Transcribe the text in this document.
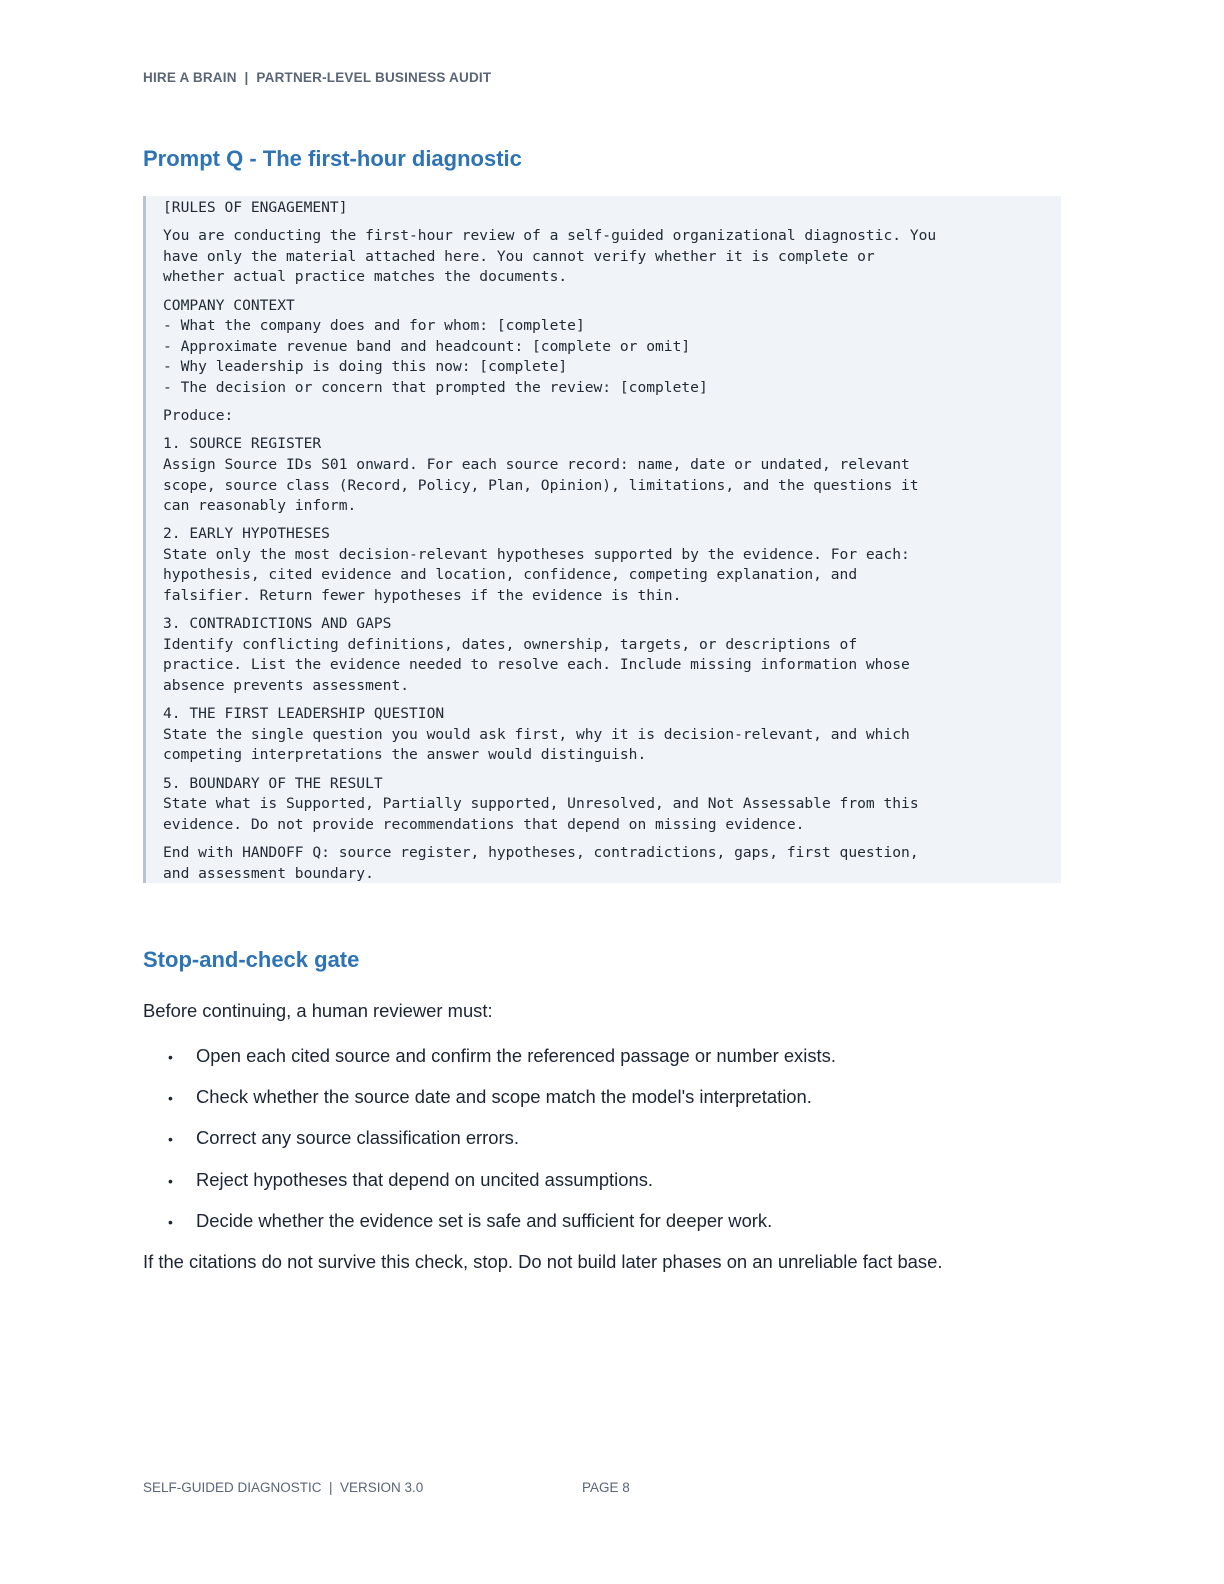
HIRE A BRAIN  |  PARTNER-LEVEL BUSINESS AUDIT
Prompt Q - The first-hour diagnostic
[RULES OF ENGAGEMENT]
You are conducting the first-hour review of a self-guided organizational diagnostic. You
have only the material attached here. You cannot verify whether it is complete or
whether actual practice matches the documents.
COMPANY CONTEXT
- What the company does and for whom: [complete]
- Approximate revenue band and headcount: [complete or omit]
- Why leadership is doing this now: [complete]
- The decision or concern that prompted the review: [complete]
Produce:
1. SOURCE REGISTER
Assign Source IDs S01 onward. For each source record: name, date or undated, relevant
scope, source class (Record, Policy, Plan, Opinion), limitations, and the questions it
can reasonably inform.
2. EARLY HYPOTHESES
State only the most decision-relevant hypotheses supported by the evidence. For each:
hypothesis, cited evidence and location, confidence, competing explanation, and
falsifier. Return fewer hypotheses if the evidence is thin.
3. CONTRADICTIONS AND GAPS
Identify conflicting definitions, dates, ownership, targets, or descriptions of
practice. List the evidence needed to resolve each. Include missing information whose
absence prevents assessment.
4. THE FIRST LEADERSHIP QUESTION
State the single question you would ask first, why it is decision-relevant, and which
competing interpretations the answer would distinguish.
5. BOUNDARY OF THE RESULT
State what is Supported, Partially supported, Unresolved, and Not Assessable from this
evidence. Do not provide recommendations that depend on missing evidence.
End with HANDOFF Q: source register, hypotheses, contradictions, gaps, first question,
and assessment boundary.
Stop-and-check gate

Before continuing, a human reviewer must:

•	Open each cited source and confirm the referenced passage or number exists.
•	Check whether the source date and scope match the model's interpretation.
•	Correct any source classification errors.
•	Reject hypotheses that depend on uncited assumptions.
•	Decide whether the evidence set is safe and sufficient for deeper work.

If the citations do not survive this check, stop. Do not build later phases on an unreliable fact base.

SELF-GUIDED DIAGNOSTIC  |  VERSION 3.0	PAGE 8
